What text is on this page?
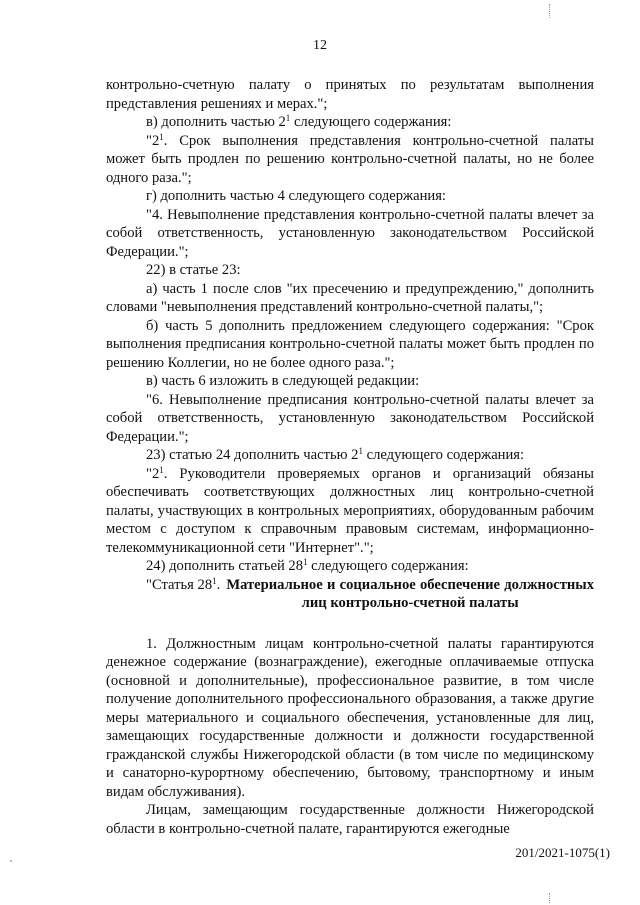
12

контрольно-счетную палату о принятых по результатам выполнения представления решениях и мерах.";

в) дополнить частью $2^1$ следующего содержания:

"$2^1$. Срок выполнения представления контрольно-счетной палаты может быть продлен по решению контрольно-счетной палаты, но не более одного раза.";

г) дополнить частью 4 следующего содержания:

"4. Невыполнение представления контрольно-счетной палаты влечет за собой ответственность, установленную законодательством Российской Федерации.";

22) в статье 23:

а) часть 1 после слов "их пресечению и предупреждению," дополнить словами "невыполнения представлений контрольно-счетной палаты,";

б) часть 5 дополнить предложением следующего содержания: "Срок выполнения предписания контрольно-счетной палаты может быть продлен по решению Коллегии, но не более одного раза.";

в) часть 6 изложить в следующей редакции:

"6. Невыполнение предписания контрольно-счетной палаты влечет за собой ответственность, установленную законодательством Российской Федерации.";

23) статью 24 дополнить частью $2^1$ следующего содержания:

"$2^1$. Руководители проверяемых органов и организаций обязаны обеспечивать соответствующих должностных лиц контрольно-счетной палаты, участвующих в контрольных мероприятиях, оборудованным рабочим местом с доступом к справочным правовым системам, информационно-телекоммуникационной сети "Интернет".";

24) дополнить статьей $28^1$ следующего содержания:

"Статья $28^1$. Материальное и социальное обеспечение должностных лиц контрольно-счетной палаты

1. Должностным лицам контрольно-счетной палаты гарантируются денежное содержание (вознаграждение), ежегодные оплачиваемые отпуска (основной и дополнительные), профессиональное развитие, в том числе получение дополнительного профессионального образования, а также другие меры материального и социального обеспечения, установленные для лиц, замещающих государственные должности и должности государственной гражданской службы Нижегородской области (в том числе по медицинскому и санаторно-курортному обеспечению, бытовому, транспортному и иным видам обслуживания).

Лицам, замещающим государственные должности Нижегородской области в контрольно-счетной палате, гарантируются ежегодные

201/2021-1075(1)
